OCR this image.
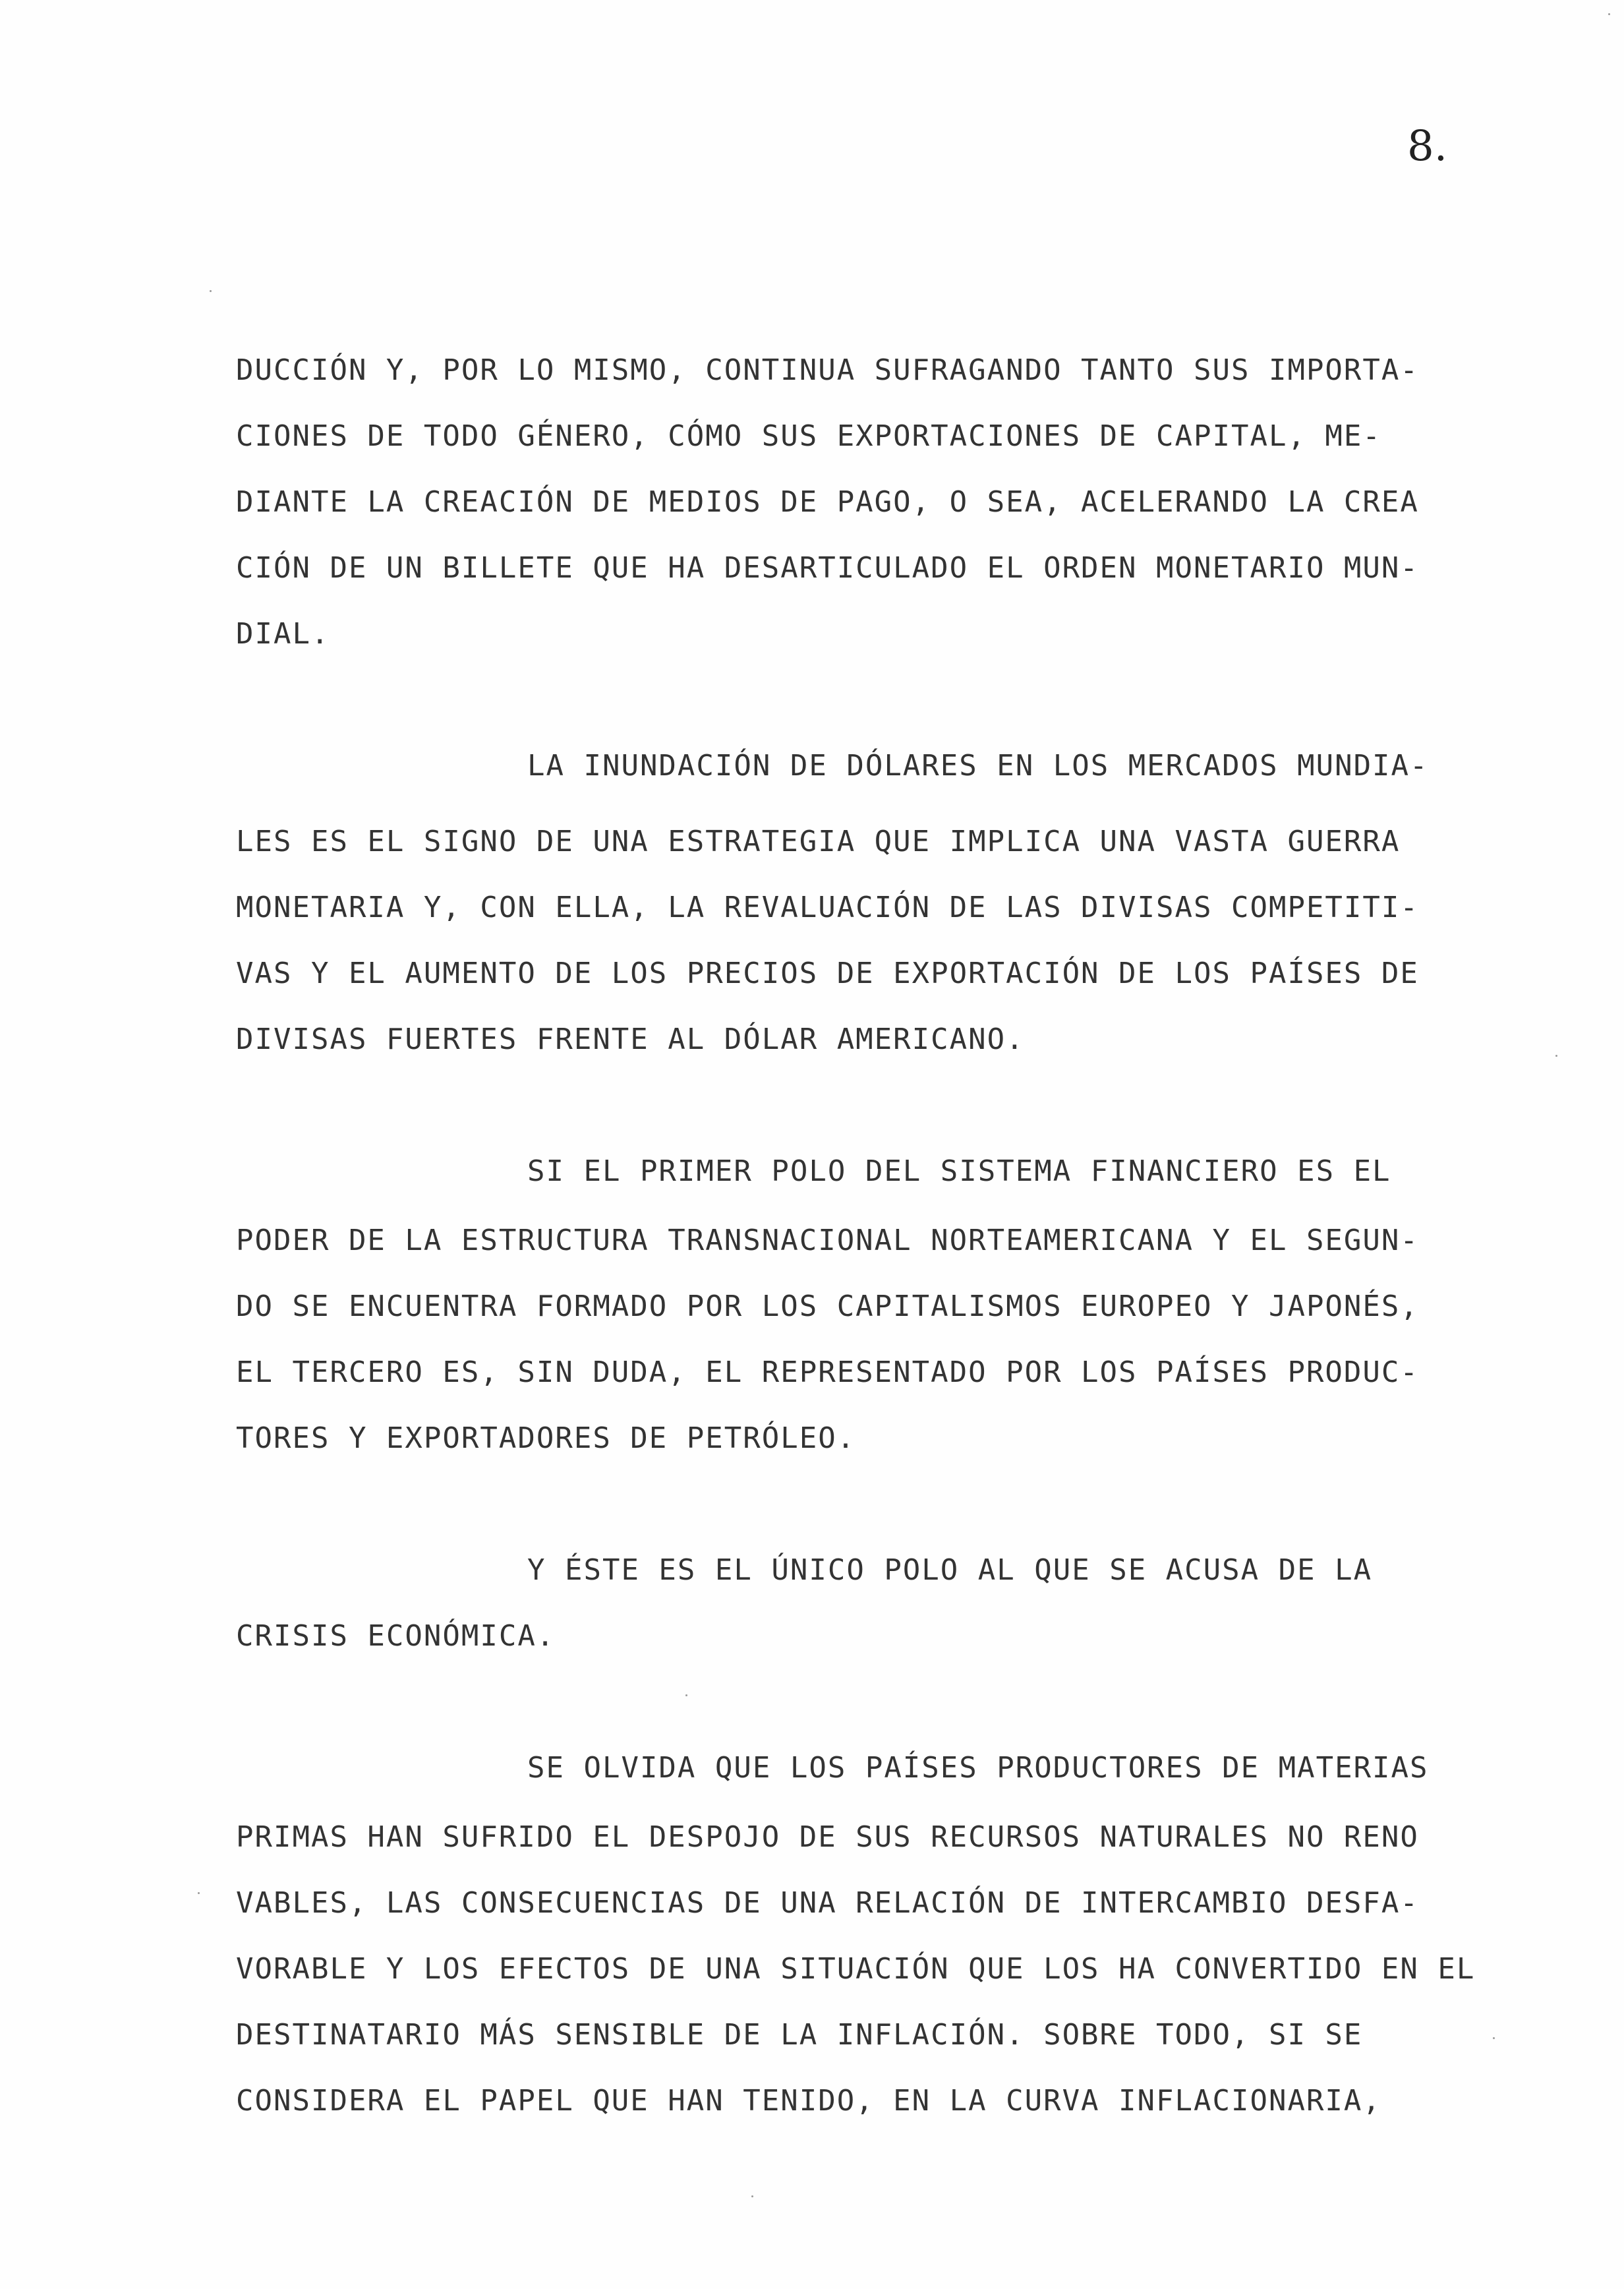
8.
DUCCIÓN Y, POR LO MISMO, CONTINUA SUFRAGANDO TANTO SUS IMPORTA-
CIONES DE TODO GÉNERO, CÓMO SUS EXPORTACIONES DE CAPITAL, ME-
DIANTE LA CREACIÓN DE MEDIOS DE PAGO, O SEA, ACELERANDO LA CREA
CIÓN DE UN BILLETE QUE HA DESARTICULADO EL ORDEN MONETARIO MUN-
DIAL.
LA INUNDACIÓN DE DÓLARES EN LOS MERCADOS MUNDIA-
LES ES EL SIGNO DE UNA ESTRATEGIA QUE IMPLICA UNA VASTA GUERRA
MONETARIA Y, CON ELLA, LA REVALUACIÓN DE LAS DIVISAS COMPETITI-
VAS Y EL AUMENTO DE LOS PRECIOS DE EXPORTACIÓN DE LOS PAÍSES DE
DIVISAS FUERTES FRENTE AL DÓLAR AMERICANO.
SI EL PRIMER POLO DEL SISTEMA FINANCIERO ES EL
PODER DE LA ESTRUCTURA TRANSNACIONAL NORTEAMERICANA Y EL SEGUN-
DO SE ENCUENTRA FORMADO POR LOS CAPITALISMOS EUROPEO Y JAPONÉS,
EL TERCERO ES, SIN DUDA, EL REPRESENTADO POR LOS PAÍSES PRODUC-
TORES Y EXPORTADORES DE PETRÓLEO.
Y ÉSTE ES EL ÚNICO POLO AL QUE SE ACUSA DE LA
CRISIS ECONÓMICA.
SE OLVIDA QUE LOS PAÍSES PRODUCTORES DE MATERIAS
PRIMAS HAN SUFRIDO EL DESPOJO DE SUS RECURSOS NATURALES NO RENO
VABLES, LAS CONSECUENCIAS DE UNA RELACIÓN DE INTERCAMBIO DESFA-
VORABLE Y LOS EFECTOS DE UNA SITUACIÓN QUE LOS HA CONVERTIDO EN EL
DESTINATARIO MÁS SENSIBLE DE LA INFLACIÓN. SOBRE TODO, SI SE
CONSIDERA EL PAPEL QUE HAN TENIDO, EN LA CURVA INFLACIONARIA,
